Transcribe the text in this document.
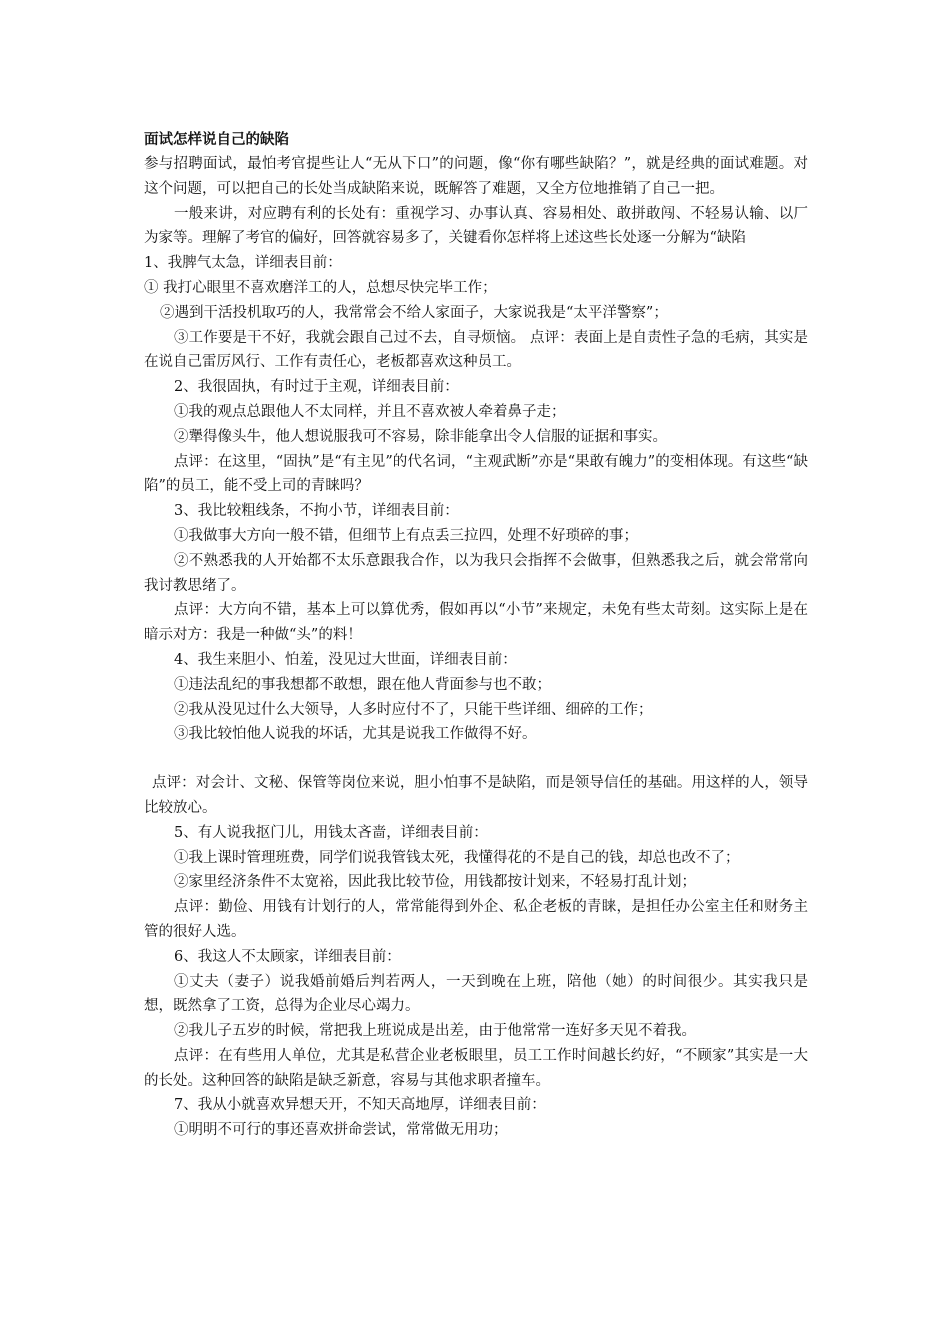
面试怎样说自己的缺陷

参与招聘面试，最怕考官提些让人“无从下口”的问题，像“你有哪些缺陷？”，就是经典的面试难题。对这个问题，可以把自己的长处当成缺陷来说，既解答了难题，又全方位地推销了自己一把。

一般来讲，对应聘有利的长处有：重视学习、办事认真、容易相处、敢拼敢闯、不轻易认输、以厂为家等。理解了考官的偏好，回答就容易多了，关键看你怎样将上述这些长处逐一分解为“缺陷

1、我脾气太急，详细表目前：

① 我打心眼里不喜欢磨洋工的人，总想尽快完毕工作；

②遇到干活投机取巧的人，我常常会不给人家面子，大家说我是“太平洋警察”；

③工作要是干不好，我就会跟自己过不去，自寻烦恼。 点评：表面上是自责性子急的毛病，其实是在说自己雷厉风行、工作有责任心，老板都喜欢这种员工。

2、我很固执，有时过于主观，详细表目前：

①我的观点总跟他人不太同样，并且不喜欢被人牵着鼻子走；

②犟得像头牛，他人想说服我可不容易，除非能拿出令人信服的证据和事实。

点评：在这里，“固执”是“有主见”的代名词，“主观武断”亦是“果敢有魄力”的变相体现。有这些“缺陷”的员工，能不受上司的青睐吗？

3、我比较粗线条，不拘小节，详细表目前：

①我做事大方向一般不错，但细节上有点丢三拉四，处理不好琐碎的事；

②不熟悉我的人开始都不太乐意跟我合作，以为我只会指挥不会做事，但熟悉我之后，就会常常向我讨教思绪了。

点评：大方向不错，基本上可以算优秀，假如再以“小节”来规定，未免有些太苛刻。这实际上是在暗示对方：我是一种做“头”的料！

4、我生来胆小、怕羞，没见过大世面，详细表目前：

①违法乱纪的事我想都不敢想，跟在他人背面参与也不敢；

②我从没见过什么大领导，人多时应付不了，只能干些详细、细碎的工作；

③我比较怕他人说我的坏话，尤其是说我工作做得不好。

点评：对会计、文秘、保管等岗位来说，胆小怕事不是缺陷，而是领导信任的基础。用这样的人，领导比较放心。

5、有人说我抠门儿，用钱太吝啬，详细表目前：

①我上课时管理班费，同学们说我管钱太死，我懂得花的不是自己的钱，却总也改不了；

②家里经济条件不太宽裕，因此我比较节俭，用钱都按计划来，不轻易打乱计划；

点评：勤俭、用钱有计划行的人，常常能得到外企、私企老板的青睐，是担任办公室主任和财务主管的很好人选。

6、我这人不太顾家，详细表目前：

①丈夫（妻子）说我婚前婚后判若两人，一天到晚在上班，陪他（她）的时间很少。其实我只是想，既然拿了工资，总得为企业尽心竭力。

②我儿子五岁的时候，常把我上班说成是出差，由于他常常一连好多天见不着我。

点评：在有些用人单位，尤其是私营企业老板眼里，员工工作时间越长约好，“不顾家”其实是一大的长处。这种回答的缺陷是缺乏新意，容易与其他求职者撞车。

7、我从小就喜欢异想天开，不知天高地厚，详细表目前：

①明明不可行的事还喜欢拼命尝试，常常做无用功；
